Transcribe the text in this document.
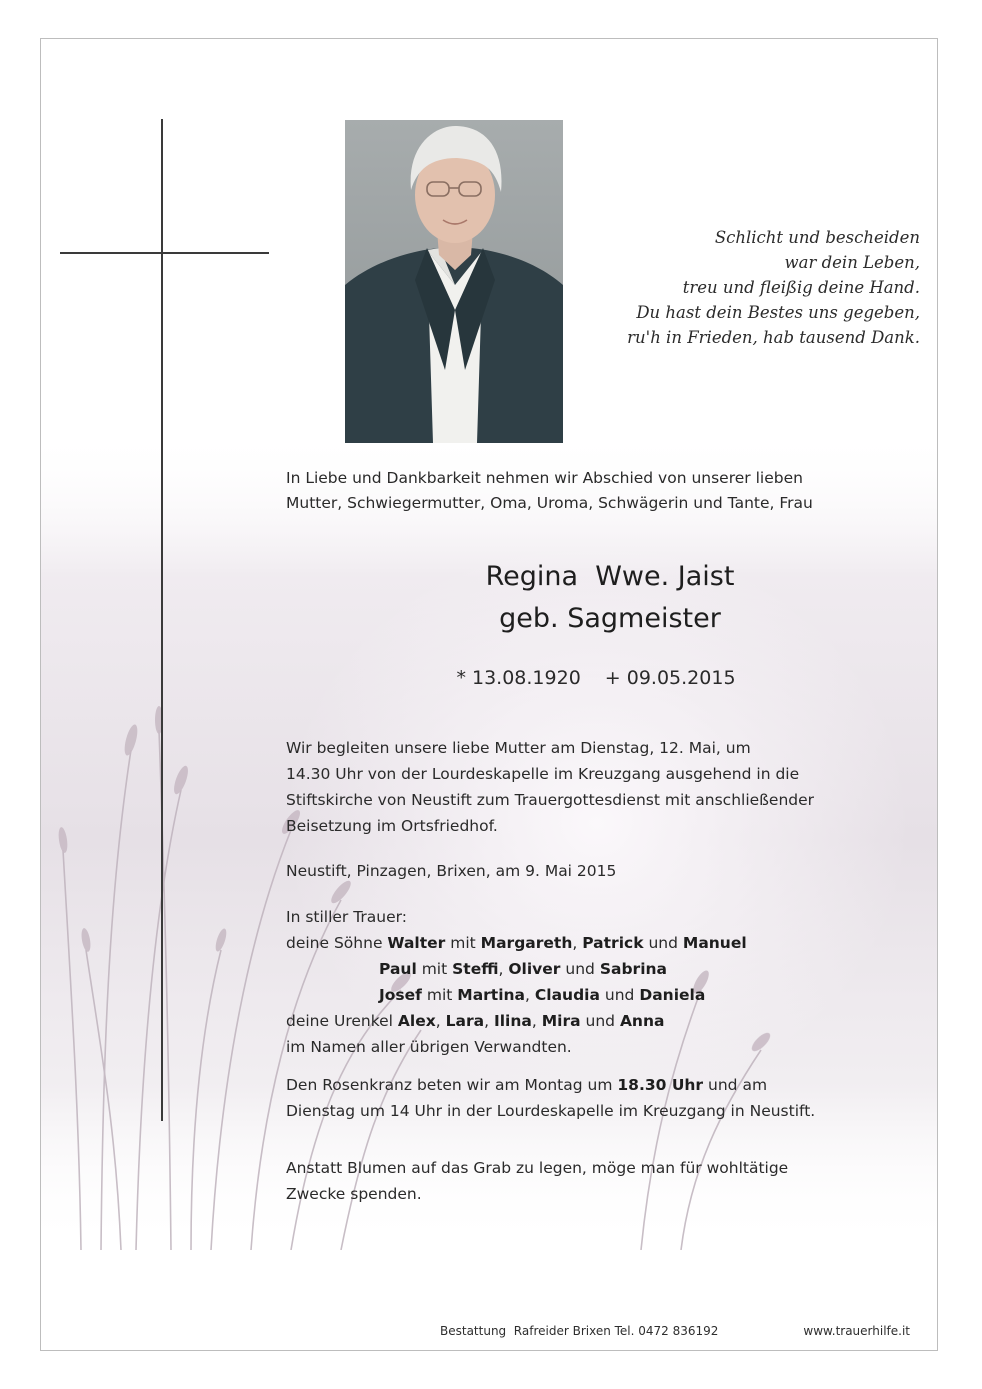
Schlicht und bescheiden
war dein Leben,
treu und fleißig deine Hand.
Du hast dein Bestes uns gegeben,
ru'h in Frieden, hab tausend Dank.
In Liebe und Dankbarkeit nehmen wir Abschied von unserer lieben
Mutter, Schwiegermutter, Oma, Uroma, Schwägerin und Tante, Frau
Regina  Wwe. Jaist
geb. Sagmeister
* 13.08.1920 + 09.05.2015
Wir begleiten unsere liebe Mutter am Dienstag, 12. Mai, um
14.30 Uhr von der Lourdeskapelle im Kreuzgang ausgehend in die
Stiftskirche von Neustift zum Trauergottesdienst mit anschließender
Beisetzung im Ortsfriedhof.
Neustift, Pinzagen, Brixen, am 9. Mai 2015
In stiller Trauer:
deine Söhne Walter mit Margareth, Patrick und Manuel
Paul mit Steffi, Oliver und Sabrina
Josef mit Martina, Claudia und Daniela
deine Urenkel Alex, Lara, Ilina, Mira und Anna
im Namen aller übrigen Verwandten.
Den Rosenkranz beten wir am Montag um 18.30 Uhr und am
Dienstag um 14 Uhr in der Lourdeskapelle im Kreuzgang in Neustift.
Anstatt Blumen auf das Grab zu legen, möge man für wohltätige
Zwecke spenden.
Bestattung  Rafreider Brixen Tel. 0472 836192	www.trauerhilfe.it
